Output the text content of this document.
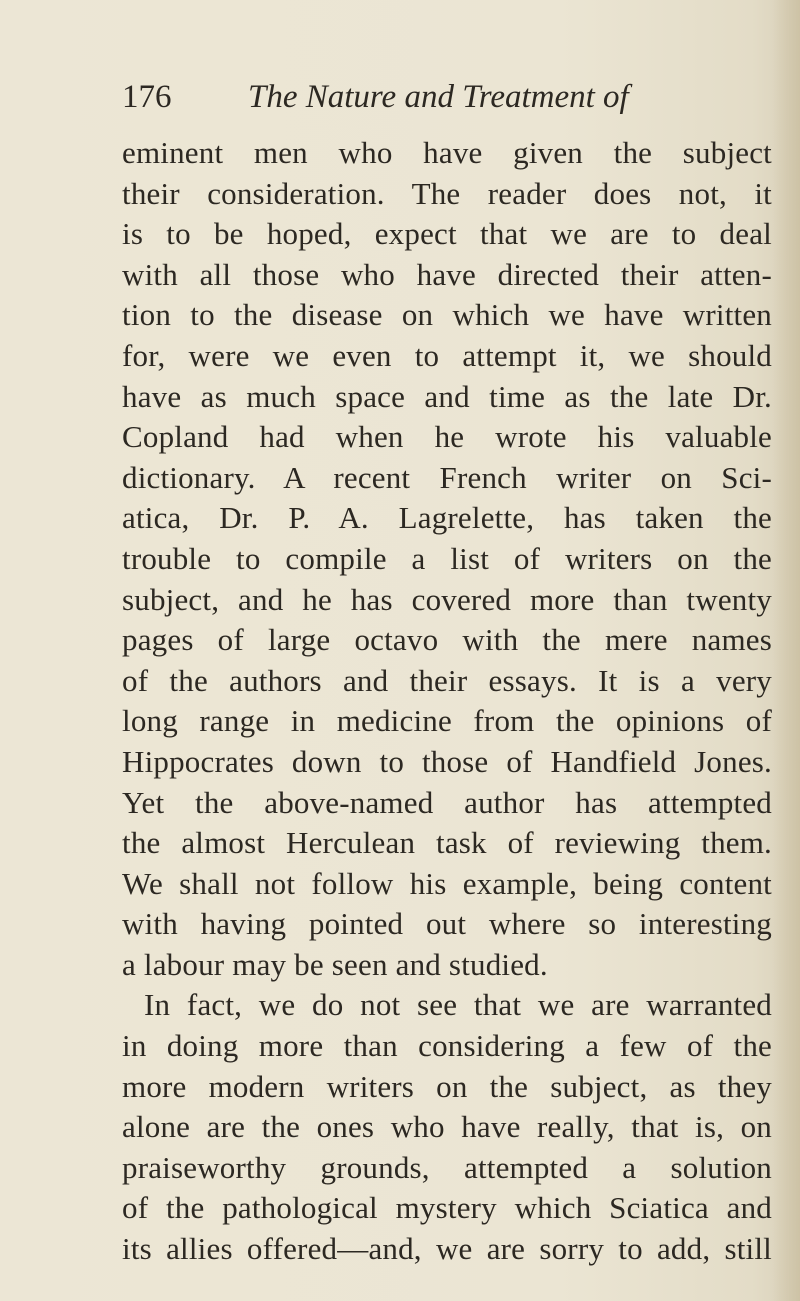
176 The Nature and Treatment of
eminent men who have given the subject
their consideration. The reader does not, it
is to be hoped, expect that we are to deal
with all those who have directed their atten-
tion to the disease on which we have written
for, were we even to attempt it, we should
have as much space and time as the late Dr.
Copland had when he wrote his valuable
dictionary. A recent French writer on Sci-
atica, Dr. P. A. Lagrelette, has taken the
trouble to compile a list of writers on the
subject, and he has covered more than twenty
pages of large octavo with the mere names
of the authors and their essays. It is a very
long range in medicine from the opinions of
Hippocrates down to those of Handfield Jones.
Yet the above-named author has attempted
the almost Herculean task of reviewing them.
We shall not follow his example, being content
with having pointed out where so interesting
a labour may be seen and studied.
In fact, we do not see that we are warranted
in doing more than considering a few of the
more modern writers on the subject, as they
alone are the ones who have really, that is, on
praiseworthy grounds, attempted a solution
of the pathological mystery which Sciatica and
its allies offered—and, we are sorry to add, still
